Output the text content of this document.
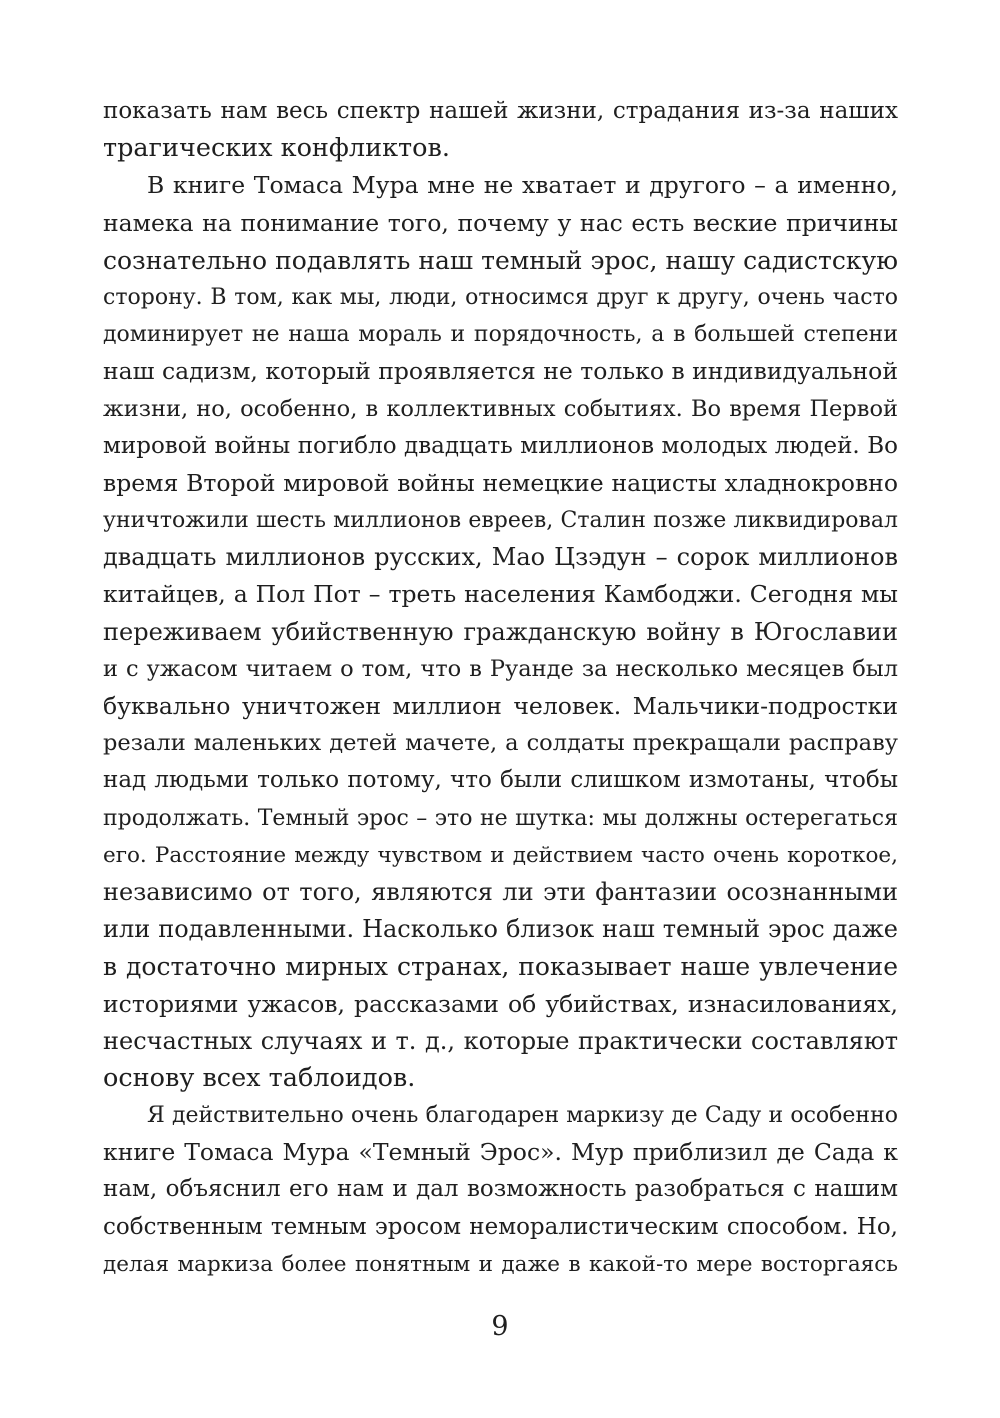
показать нам весь спектр нашей жизни, страдания из-за наших
трагических конфликтов.
В книге Томаса Мура мне не хватает и другого – а именно,
намека на понимание того, почему у нас есть веские причины
сознательно подавлять наш темный эрос, нашу садистскую
сторону. В том, как мы, люди, относимся друг к другу, очень часто
доминирует не наша мораль и порядочность, а в большей степени
наш садизм, который проявляется не только в индивидуальной
жизни, но, особенно, в коллективных событиях. Во время Первой
мировой войны погибло двадцать миллионов молодых людей. Во
время Второй мировой войны немецкие нацисты хладнокровно
уничтожили шесть миллионов евреев, Сталин позже ликвидировал
двадцать миллионов русских, Мао Цзэдун – сорок миллионов
китайцев, а Пол Пот – треть населения Камбоджи. Сегодня мы
переживаем убийственную гражданскую войну в Югославии
и с ужасом читаем о том, что в Руанде за несколько месяцев был
буквально уничтожен миллион человек. Мальчики-подростки
резали маленьких детей мачете, а солдаты прекращали расправу
над людьми только потому, что были слишком измотаны, чтобы
продолжать. Темный эрос – это не шутка: мы должны остерегаться
его. Расстояние между чувством и действием часто очень короткое,
независимо от того, являются ли эти фантазии осознанными
или подавленными. Насколько близок наш темный эрос даже
в достаточно мирных странах, показывает наше увлечение
историями ужасов, рассказами об убийствах, изнасилованиях,
несчастных случаях и т. д., которые практически составляют
основу всех таблоидов.
Я действительно очень благодарен маркизу де Саду и особенно
книге Томаса Мура «Темный Эрос». Мур приблизил де Сада к
нам, объяснил его нам и дал возможность разобраться с нашим
собственным темным эросом неморалистическим способом. Но,
делая маркиза более понятным и даже в какой-то мере восторгаясь
9
